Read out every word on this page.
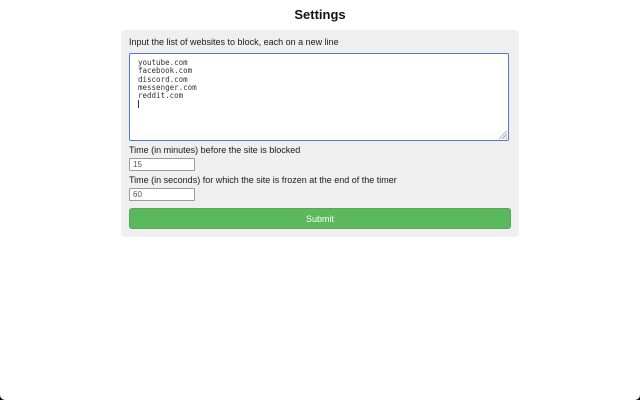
Settings
Input the list of websites to block, each on a new line
youtube.com
facebook.com
discord.com
messenger.com
reddit.com
Time (in minutes) before the site is blocked
15
Time (in seconds) for which the site is frozen at the end of the timer
60
Submit
